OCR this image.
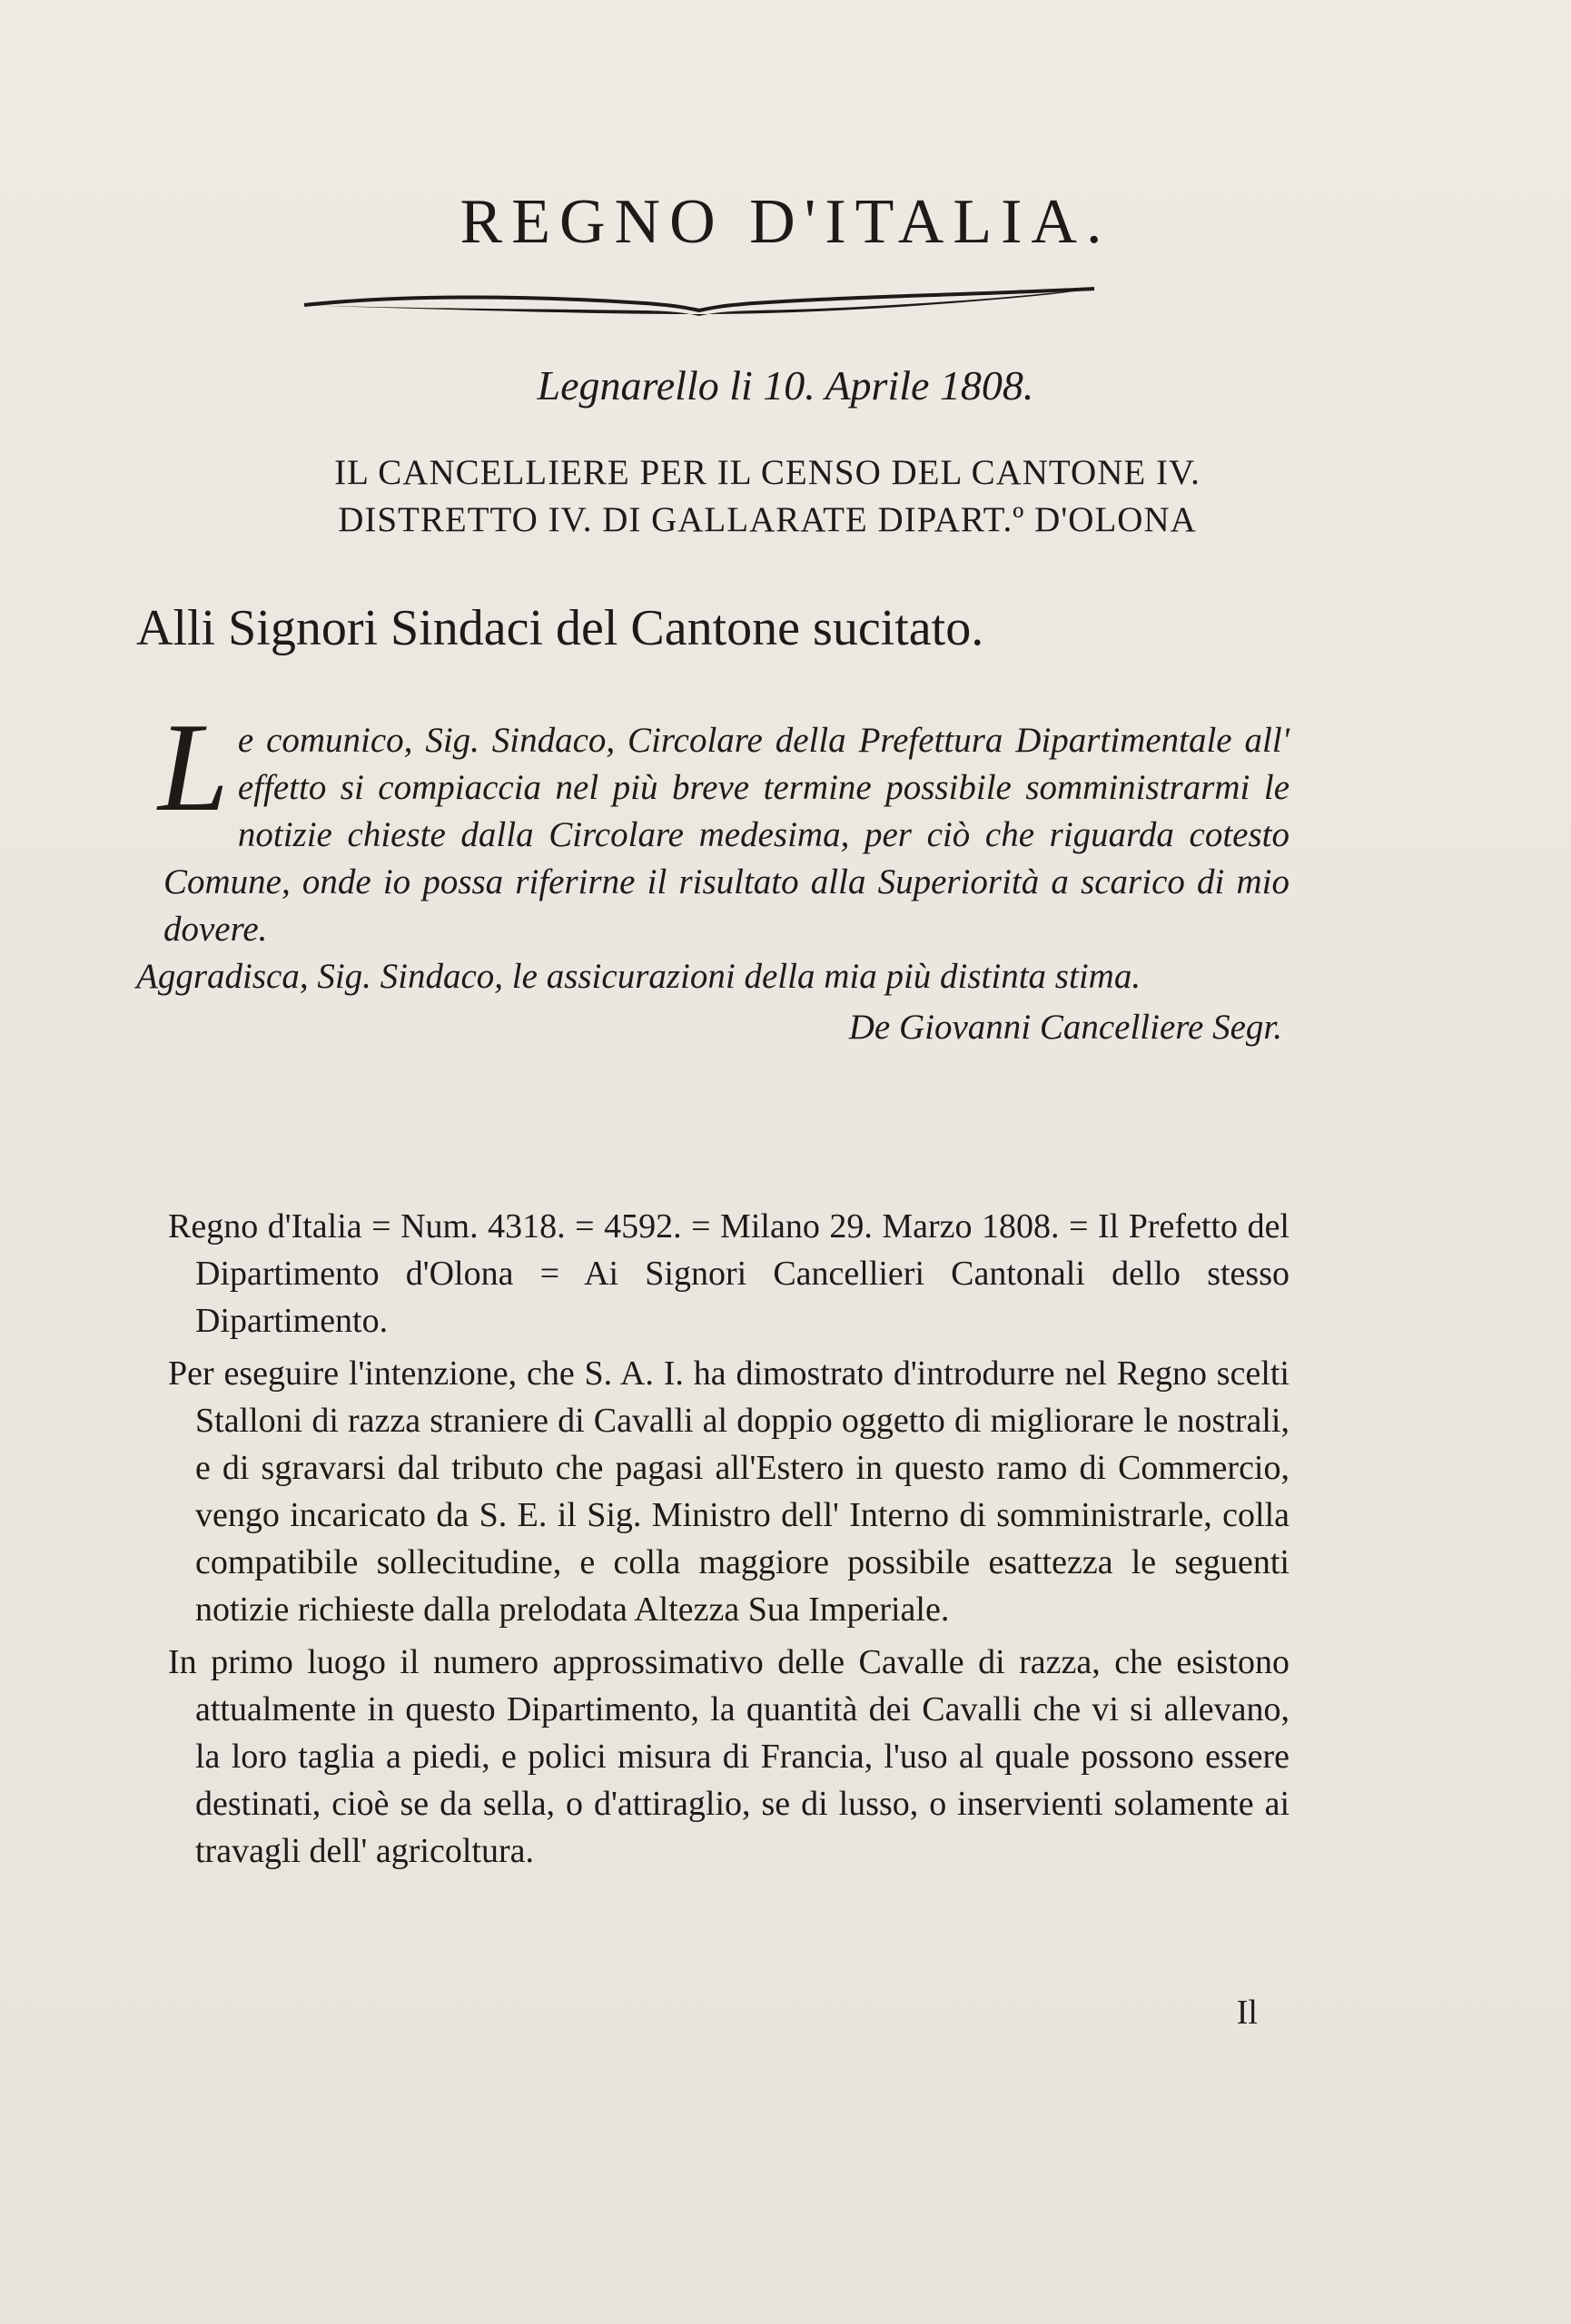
REGNO D'ITALIA.
Legnarello li 10. Aprile 1808.
IL CANCELLIERE PER IL CENSO DEL CANTONE IV.
DISTRETTO IV. DI GALLARATE DIPART.º D'OLONA
Alli Signori Sindaci del Cantone sucitato.

Le comunico, Sig. Sindaco, Circolare della Prefettura Dipartimentale all' effetto si compiaccia nel più breve termine possibile somministrarmi le notizie chieste dalla Circolare medesima, per ciò che riguarda cotesto Comune, onde io possa riferirne il risultato alla Superiorità a scarico di mio dovere.

Aggradisca, Sig. Sindaco, le assicurazioni della mia più distinta stima.

De Giovanni Cancelliere Segr.

Regno d'Italia = Num. 4318. = 4592. = Milano 29. Marzo 1808. = Il Prefetto del Dipartimento d'Olona = Ai Signori Cancellieri Cantonali dello stesso Dipartimento.

Per eseguire l'intenzione, che S. A. I. ha dimostrato d'introdurre nel Regno scelti Stalloni di razza straniere di Cavalli al doppio oggetto di migliorare le nostrali, e di sgravarsi dal tributo che pagasi all'Estero in questo ramo di Commercio, vengo incaricato da S. E. il Sig. Ministro dell' Interno di somministrarle, colla compatibile sollecitudine, e colla maggiore possibile esattezza le seguenti notizie richieste dalla prelodata Altezza Sua Imperiale.

In primo luogo il numero approssimativo delle Cavalle di razza, che esistono attualmente in questo Dipartimento, la quantità dei Cavalli che vi si allevano, la loro taglia a piedi, e polici misura di Francia, l'uso al quale possono essere destinati, cioè se da sella, o d'attiraglio, se di lusso, o inservienti solamente ai travagli dell' agricoltura.

Il
